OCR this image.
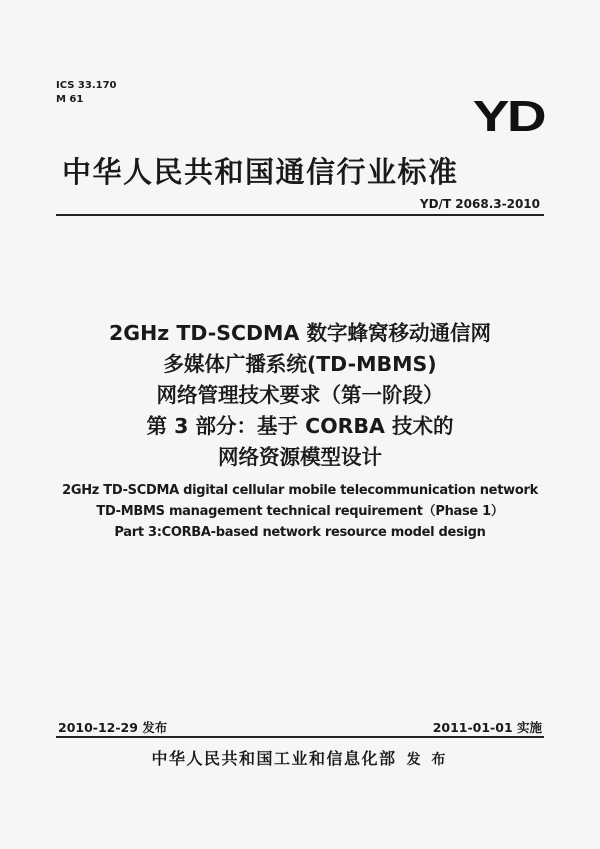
ICS 33.170
M 61	YD
中华人民共和国通信行业标准
YD/T 2068.3-2010
2GHz TD-SCDMA 数字蜂窝移动通信网
多媒体广播系统(TD-MBMS)
网络管理技术要求（第一阶段）
第 3 部分：基于 CORBA 技术的
网络资源模型设计
2GHz TD-SCDMA digital cellular mobile telecommunication network
TD-MBMS management technical requirement（Phase 1）
Part 3:CORBA-based network resource model design
2010-12-29 发布	2011-01-01 实施
中华人民共和国工业和信息化部 发 布
